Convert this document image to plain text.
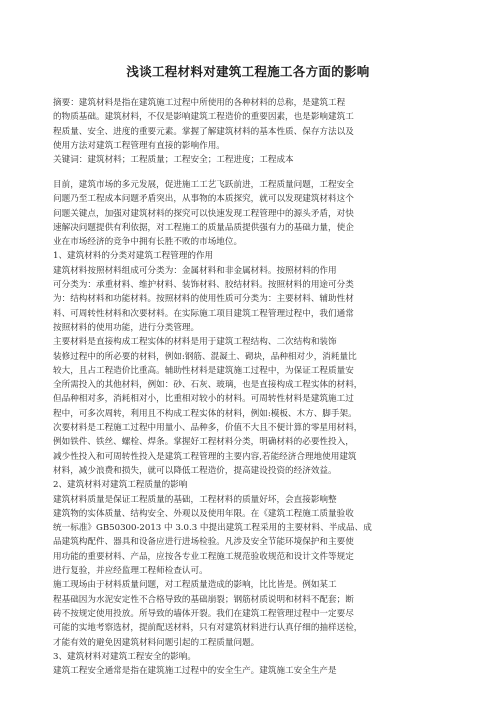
浅谈工程材料对建筑工程施工各方面的影响
摘要：建筑材料是指在建筑施工过程中所使用的各种材料的总称，是建筑工程
的物质基础。建筑材料，不仅是影响建筑工程造价的重要因素，也是影响建筑工
程质量、安全、进度的重要元素。掌握了解建筑材料的基本性质、保存方法以及
使用方法对建筑工程管理有直接的影响作用。
关键词：建筑材料；工程质量；工程安全；工程进度；工程成本
目前，建筑市场的多元发展，促进施工工艺飞跃前进，工程质量问题，工程安全
问题乃至工程成本问题矛盾突出，从事物的本质探究，就可以发现建筑材料这个
问题关键点，加强对建筑材料的探究可以快速发现工程管理中的源头矛盾，对快
速解决问题提供有利依据，对工程施工的质量品质提供强有力的基础力量，使企
业在市场经济的竞争中拥有长胜不败的市场地位。
1、建筑材料的分类对建筑工程管理的作用
建筑材料按照材料组成可分类为：金属材料和非金属材料。按照材料的作用
可分类为：承重材料、维护材料、装饰材料、胶结材料。按照材料的用途可分类
为：结构材料和功能材料。按照材料的使用性质可分类为：主要材料、辅助性材
料、可周转性材料和次要材料。在实际施工项目建筑工程管理过程中，我们通常
按照材料的使用功能，进行分类管理。
主要材料是直接构成工程实体的材料是用于建筑工程结构、二次结构和装饰
装修过程中的所必要的材料，例如:钢筋、混凝土、砌块，品种相对少，消耗量比
较大，且占工程造价比重高。辅助性材料是建筑施工过程中，为保证工程质量安
全所需投入的其他材料，例如：砂、石灰、玻璃，也是直接构成工程实体的材料，
但品种相对多，消耗相对小，比重相对较小的材料。可周转性材料是建筑施工过
程中，可多次周转，利用且不构成工程实体的材料，例如:模板、木方、脚手架。
次要材料是工程施工过程中用量小、品种多，价值不大且不便计算的零星用材料，
例如铁件、铁丝、螺栓、焊条。掌握好工程材料分类，明确材料的必要性投入，
减少性投入和可周转性投入是建筑工程管理的主要内容,若能经济合理地使用建筑
材料，减少浪费和损失，就可以降低工程造价，提高建设投资的经济效益。
2、建筑材料对建筑工程质量的影响
建筑材料质量是保证工程质量的基础，工程材料的质量好坏，会直接影响整
建筑物的实体质量、结构安全、外观以及使用年限。在《建筑工程施工质量验收
统一标准》GB50300-2013 中 3.0.3 中提出建筑工程采用的主要材料、半成品、成
品建筑构配件、器具和设备应进行进场检验。凡涉及安全节能环境保护和主要使
用功能的重要材料、产品，应按各专业工程施工规范验收规范和设计文件等规定
进行复验，并应经监理工程师检查认可。
施工现场由于材料质量问题，对工程质量造成的影响，比比皆是。例如某工
程基础因为水泥安定性不合格导致的基础崩裂；钢筋材质说明和材料不配套；断
砖不按规定使用投放。所导致的墙体开裂。我们在建筑工程管理过程中一定要尽
可能的实地考察选材，提前配送材料，只有对建筑材料进行认真仔细的抽样送检，
才能有效的避免因建筑材料问题引起的工程质量问题。
3、建筑材料对建筑工程安全的影响。
建筑工程安全通常是指在建筑施工过程中的安全生产。建筑施工安全生产是
